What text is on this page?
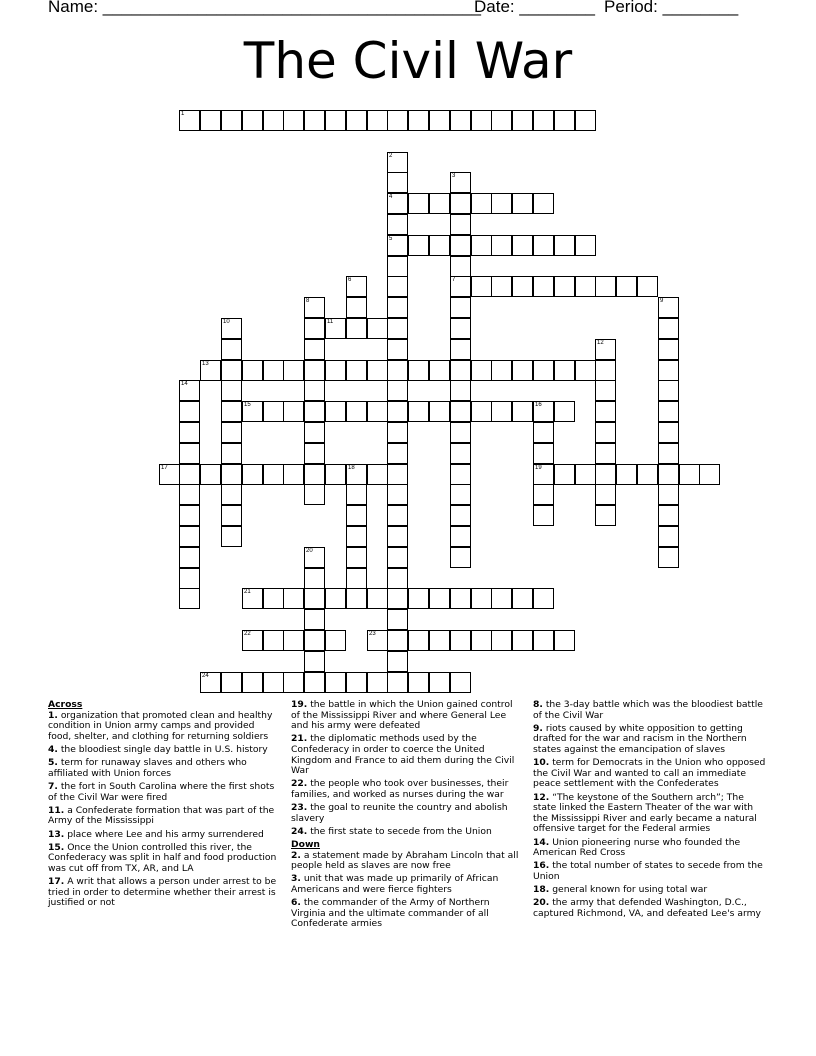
Name: ________________________________________
Date: ________ Period: ________
The Civil War
1
2
4
5
3
7
6
8	9
10	11
12
13
14
15	16
19
17	18
20
21
22	23
24
Across
1. organization that promoted clean and healthy condition in Union army camps and provided food, shelter, and clothing for returning soldiers
4. the bloodiest single day battle in U.S. history
5. term for runaway slaves and others who affiliated with Union forces
7. the fort in South Carolina where the first shots of the Civil War were fired
11. a Confederate formation that was part of the Army of the Mississippi
13. place where Lee and his army surrendered
15. Once the Union controlled this river, the Confederacy was split in half and food production was cut off from TX, AR, and LA
17. A writ that allows a person under arrest to be tried in order to determine whether their arrest is justified or not
19. the battle in which the Union gained control of the Mississippi River and where General Lee and his army were defeated
21. the diplomatic methods used by the Confederacy in order to coerce the United Kingdom and France to aid them during the Civil War
22. the people who took over businesses, their families, and worked as nurses during the war
23. the goal to reunite the country and abolish slavery
24. the first state to secede from the Union
Down
2. a statement made by Abraham Lincoln that all people held as slaves are now free
3. unit that was made up primarily of African Americans and were fierce fighters
6. the commander of the Army of Northern Virginia and the ultimate commander of all Confederate armies
8. the 3-day battle which was the bloodiest battle of the Civil War
9. riots caused by white opposition to getting drafted for the war and racism in the Northern states against the emancipation of slaves
10. term for Democrats in the Union who opposed the Civil War and wanted to call an immediate peace settlement with the Confederates
12. “The keystone of the Southern arch”; The state linked the Eastern Theater of the war with the Mississippi River and early became a natural offensive target for the Federal armies
14. Union pioneering nurse who founded the American Red Cross
16. the total number of states to secede from the Union
18. general known for using total war
20. the army that defended Washington, D.C., captured Richmond, VA, and defeated Lee's army
